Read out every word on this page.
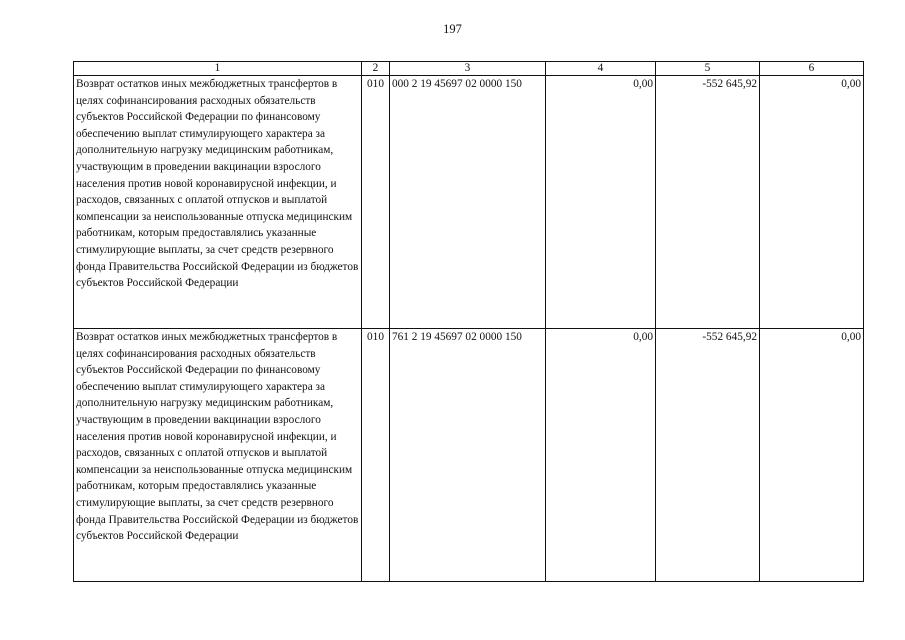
197
1	2	3	4	5	6
Возврат остатков иных межбюджетных трансфертов в целях софинансирования расходных обязательств субъектов Российской Федерации по финансовому обеспечению выплат стимулирующего характера за дополнительную нагрузку медицинским работникам, участвующим в проведении вакцинации взрослого населения против новой коронавирусной инфекции, и расходов, связанных с оплатой отпусков и выплатой компенсации за неиспользованные отпуска медицинским работникам, которым предоставлялись указанные стимулирующие выплаты, за счет средств резервного фонда Правительства Российской Федерации из бюджетов субъектов Российской Федерации	010	000 2 19 45697 02 0000 150	0,00	-552 645,92	0,00
Возврат остатков иных межбюджетных трансфертов в целях софинансирования расходных обязательств субъектов Российской Федерации по финансовому обеспечению выплат стимулирующего характера за дополнительную нагрузку медицинским работникам, участвующим в проведении вакцинации взрослого населения против новой коронавирусной инфекции, и расходов, связанных с оплатой отпусков и выплатой компенсации за неиспользованные отпуска медицинским работникам, которым предоставлялись указанные стимулирующие выплаты, за счет средств резервного фонда Правительства Российской Федерации из бюджетов субъектов Российской Федерации	010	761 2 19 45697 02 0000 150	0,00	-552 645,92	0,00
